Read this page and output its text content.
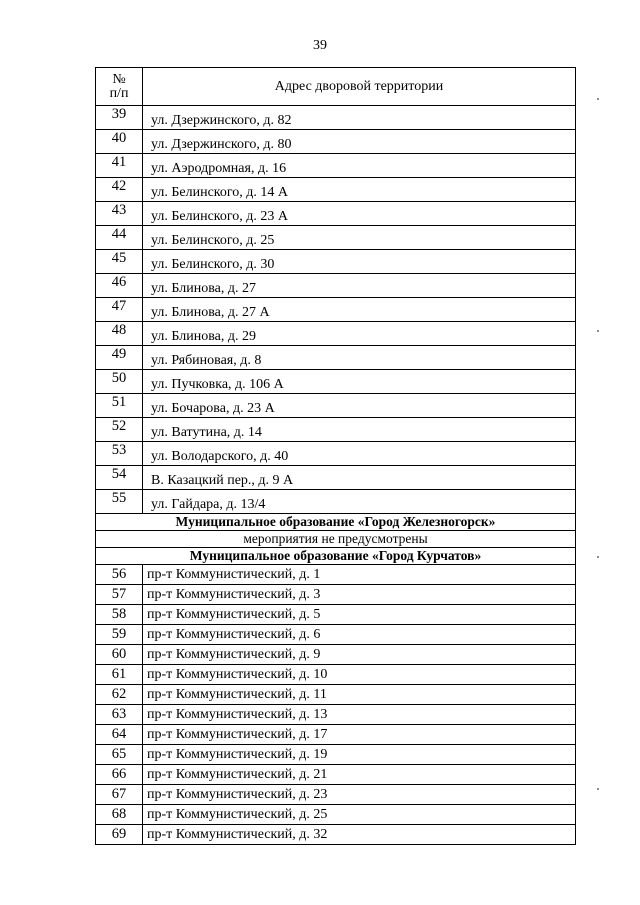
39
№
п/п	Адрес дворовой территории
39	ул. Дзержинского, д. 82
40	ул. Дзержинского, д. 80
41	ул. Аэродромная, д. 16
42	ул. Белинского, д. 14 А
43	ул. Белинского, д. 23 А
44	ул. Белинского, д. 25
45	ул. Белинского, д. 30
46	ул. Блинова, д. 27
47	ул. Блинова, д. 27 А
48	ул. Блинова, д. 29
49	ул. Рябиновая, д. 8
50	ул. Пучковка, д. 106 А
51	ул. Бочарова, д. 23 А
52	ул. Ватутина, д. 14
53	ул. Володарского, д. 40
54	В. Казацкий пер., д. 9 А
55	ул. Гайдара, д. 13/4
Муниципальное образование «Город Железногорск»	
мероприятия не предусмотрены	
Муниципальное образование «Город Курчатов»	
56	пр-т Коммунистический, д. 1
57	пр-т Коммунистический, д. 3
58	пр-т Коммунистический, д. 5
59	пр-т Коммунистический, д. 6
60	пр-т Коммунистический, д. 9
61	пр-т Коммунистический, д. 10
62	пр-т Коммунистический, д. 11
63	пр-т Коммунистический, д. 13
64	пр-т Коммунистический, д. 17
65	пр-т Коммунистический, д. 19
66	пр-т Коммунистический, д. 21
67	пр-т Коммунистический, д. 23
68	пр-т Коммунистический, д. 25
69	пр-т Коммунистический, д. 32
